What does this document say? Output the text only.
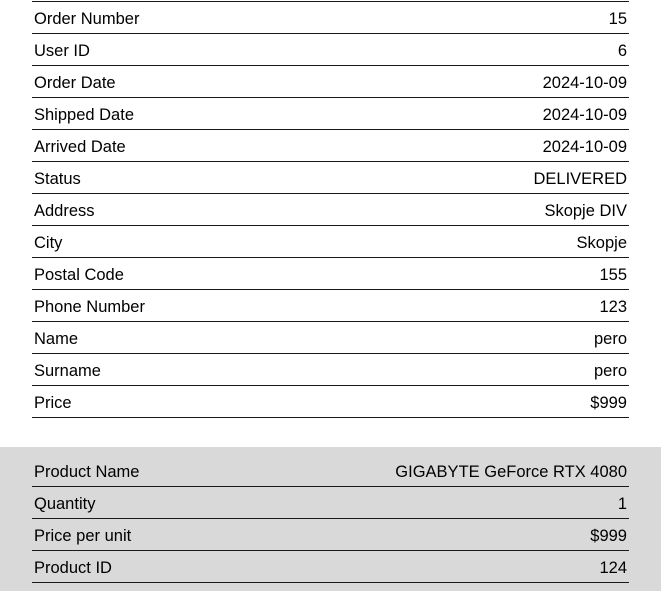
Order Number	15
User ID	6
Order Date	2024-10-09
Shipped Date	2024-10-09
Arrived Date	2024-10-09
Status	DELIVERED
Address	Skopje DIV
City	Skopje
Postal Code	155
Phone Number	123
Name	pero
Surname	pero
Price	$999
Product Name	GIGABYTE GeForce RTX 4080
Quantity	1
Price per unit	$999
Product ID	124
